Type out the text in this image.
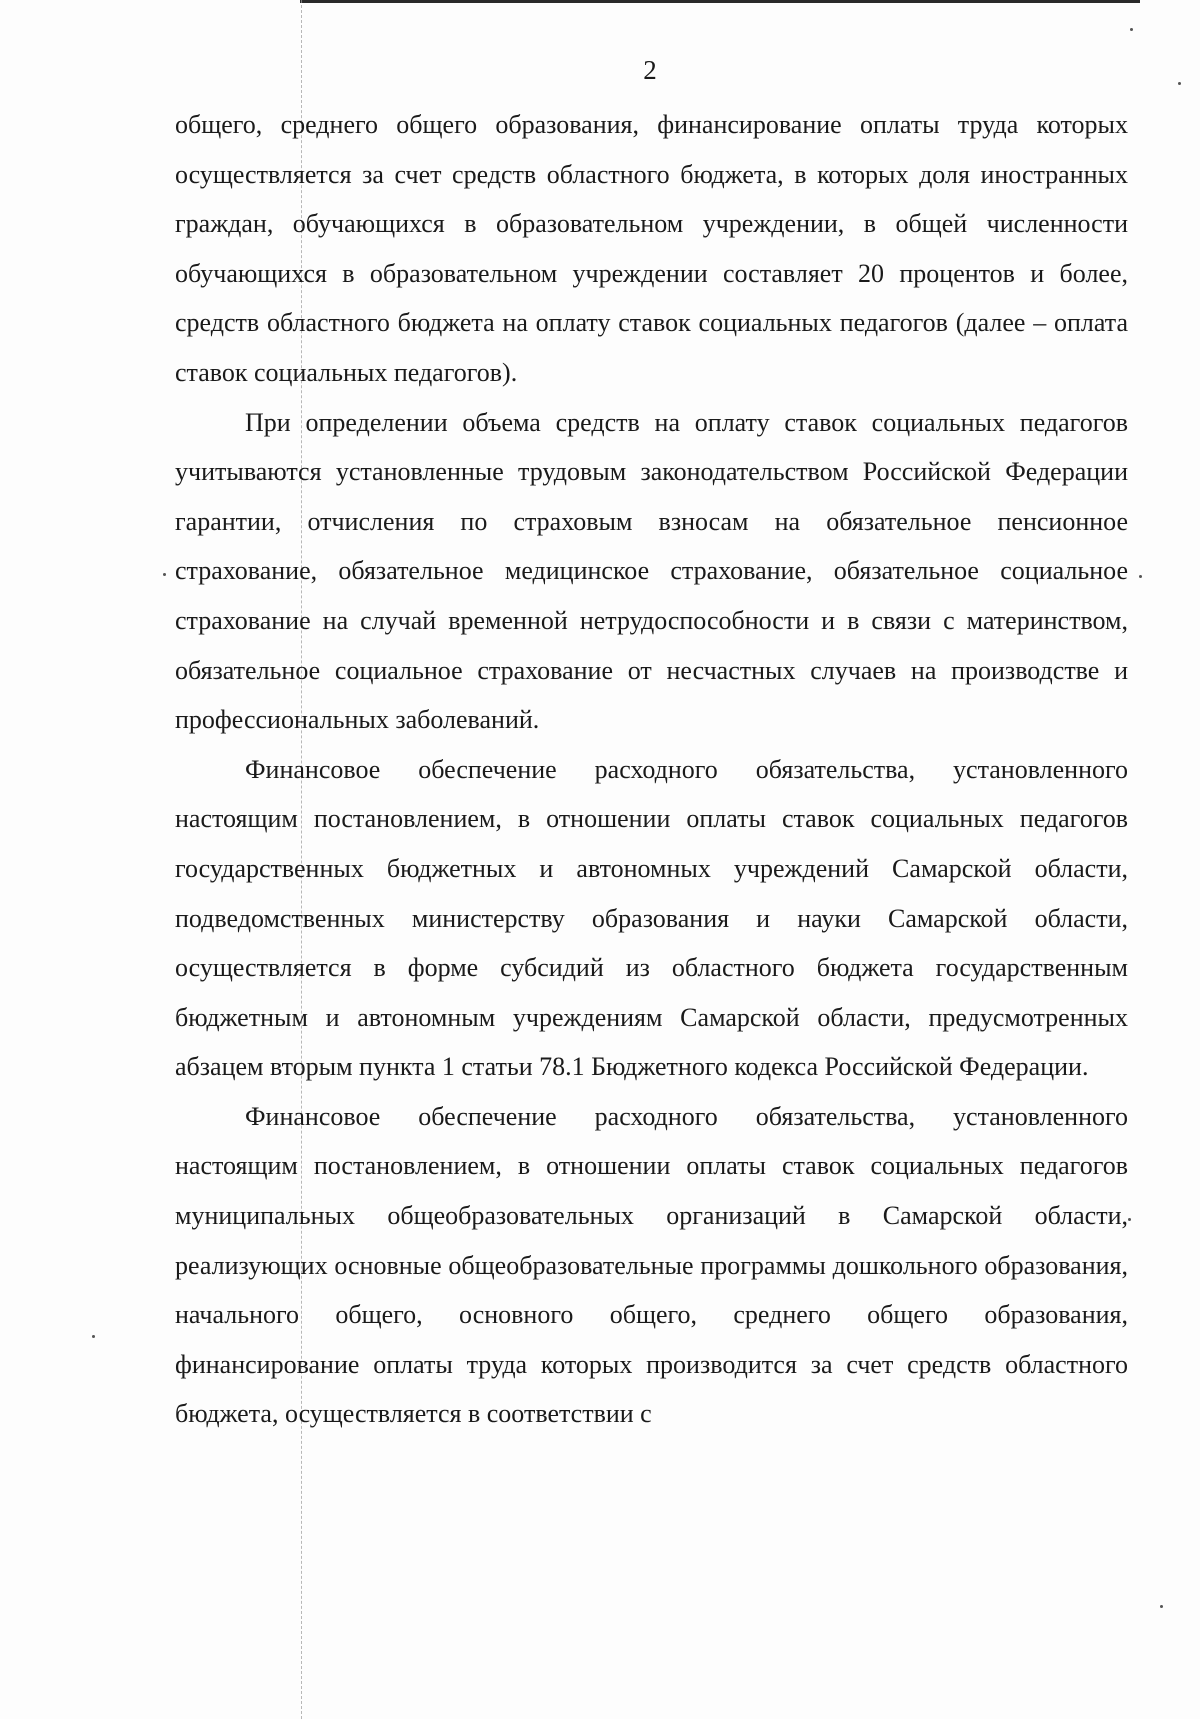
2

общего, среднего общего образования, финансирование оплаты труда которых осуществляется за счет средств областного бюджета, в которых доля иностранных граждан, обучающихся в образовательном учреждении, в общей численности обучающихся в образовательном учреждении составляет 20 процентов и более, средств областного бюджета на оплату ставок социальных педагогов (далее – оплата ставок социальных педагогов).

При определении объема средств на оплату ставок социальных педагогов учитываются установленные трудовым законодательством Российской Федерации гарантии, отчисления по страховым взносам на обязательное пенсионное страхование, обязательное медицинское страхование, обязательное социальное страхование на случай временной нетрудоспособности и в связи с материнством, обязательное социальное страхование от несчастных случаев на производстве и профессиональных заболеваний.

Финансовое обеспечение расходного обязательства, установленного настоящим постановлением, в отношении оплаты ставок социальных педагогов государственных бюджетных и автономных учреждений Самарской области, подведомственных министерству образования и науки Самарской области, осуществляется в форме субсидий из областного бюджета государственным бюджетным и автономным учреждениям Самарской области, предусмотренных абзацем вторым пункта 1 статьи 78.1 Бюджетного кодекса Российской Федерации.

Финансовое обеспечение расходного обязательства, установленного настоящим постановлением, в отношении оплаты ставок социальных педагогов муниципальных общеобразовательных организаций в Самарской области, реализующих основные общеобразовательные программы дошкольного образования, начального общего, основного общего, среднего общего образования, финансирование оплаты труда которых производится за счет средств областного бюджета, осуществляется в соответствии с
